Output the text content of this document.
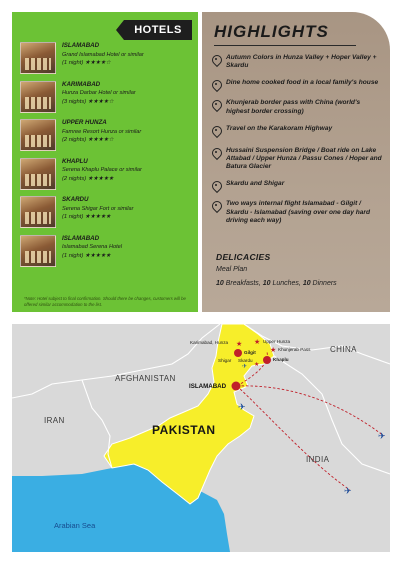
HOTELS
ISLAMABAD
Grand Islamabad Hotel or similar
(1 night) ★★★★☆
KARIMABAD
Hunza Darbar Hotel or similar
(3 nights) ★★★★☆
UPPER HUNZA
Famree Resort Hunza or similar
(2 nights) ★★★★☆
KHAPLU
Serena Khaplu Palace or similar
(2 nights) ★★★★★
SKARDU
Serena Shigar Fort or similar
(1 night) ★★★★★
ISLAMABAD
Islamabad Serena Hotel
(1 night) ★★★★★
*Note: Hotel subject to final confirmation. Should there be changes, customers will be offered similar accommodation to the list.
HIGHLIGHTS
Autumn Colors in Hunza Valley + Hoper Valley + Skardu
Dine home cooked food in a local family's house
Khunjerab border pass with China (world's highest border crossing)
Travel on the Karakoram Highway
Hussaini Suspension Bridge / Boat ride on Lake Attabad / Upper Hunza / Passu Cones / Hoper and Batura Glacier
Skardu and Shigar
Two ways internal flight Islamabad - Gilgit / Skardu - Islamabad (saving over one day hard driving each way)
DELICACIES
Meal Plan
10 Breakfasts, 10 Lunches, 10 Dinners
✈
✈
✈
✈
★
★
★
★
AFGHANISTAN
IRAN
PAKISTAN
CHINA
INDIA
Arabian Sea
Karimabad, Hunza	Upper Hunza
Khunjerab Pass
Gilgit
Shigar Skardu	Khaplu
ISLAMABAD
